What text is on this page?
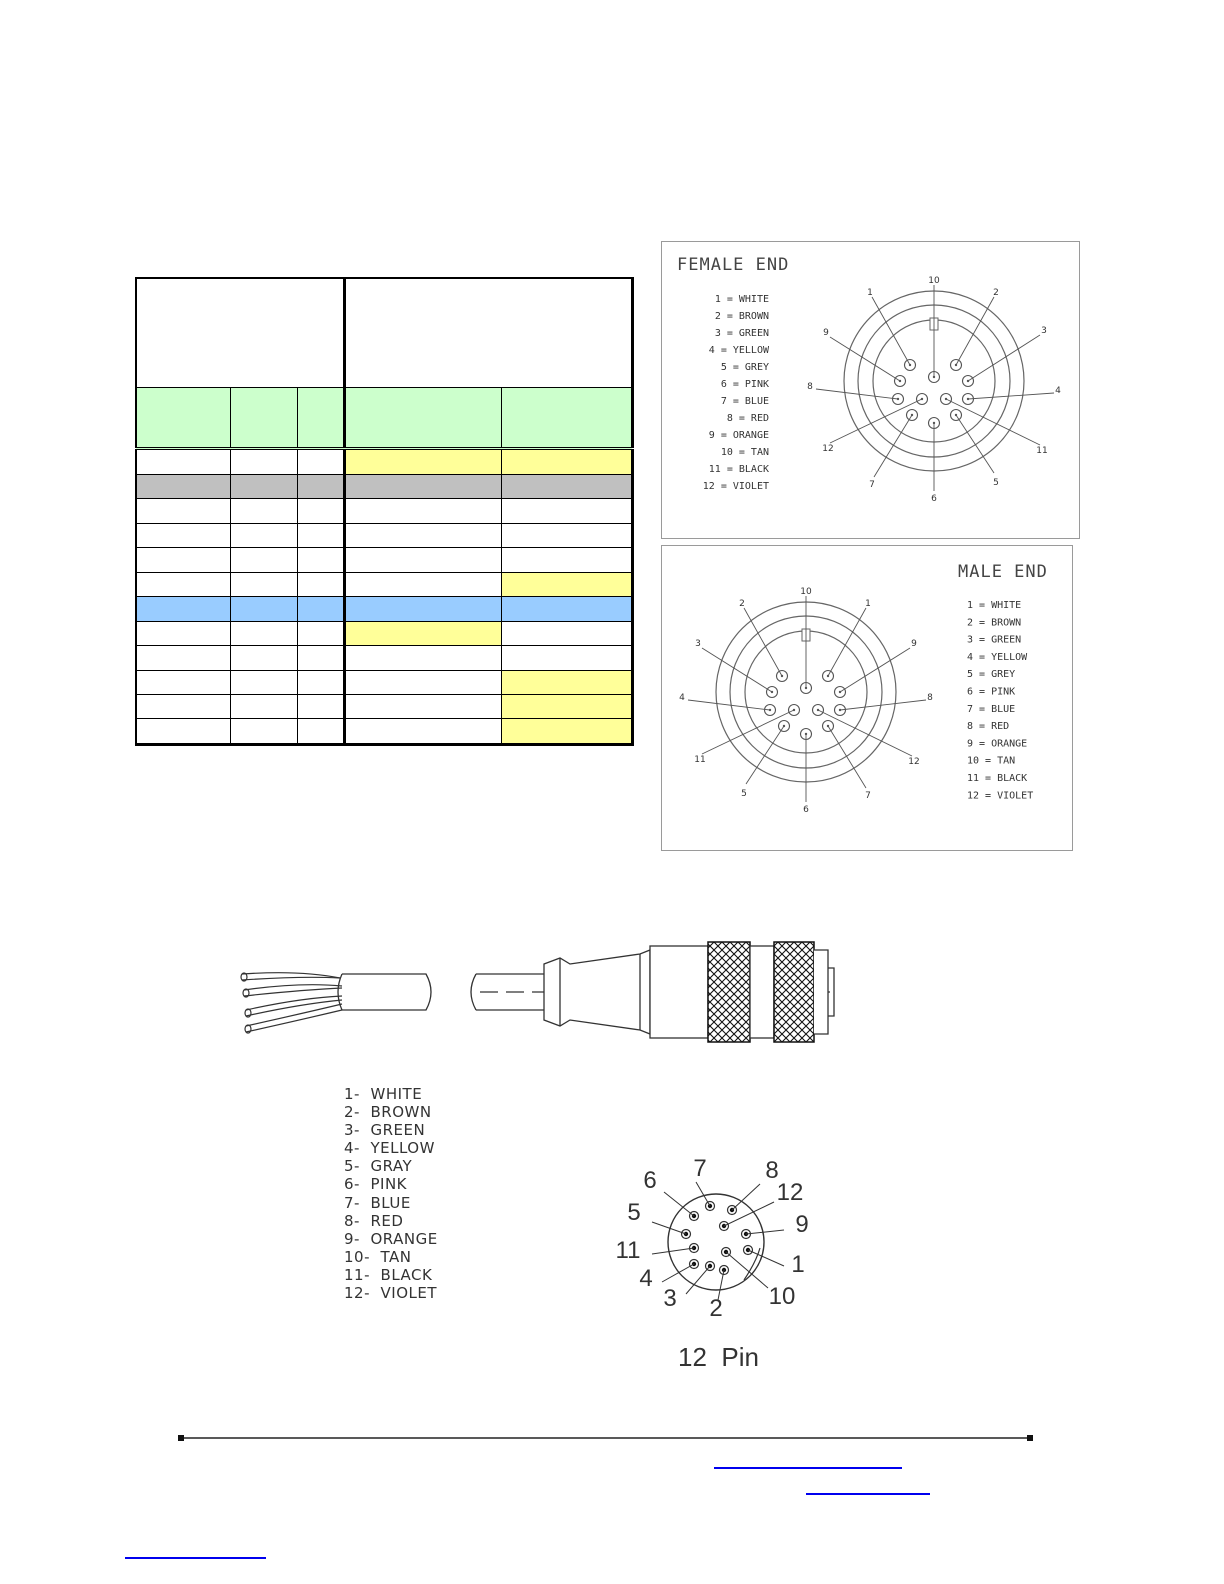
FEMALE END
1 = WHITE
2 = BROWN
3 = GREEN
4 = YELLOW
5 = GREY
6 = PINK
7 = BLUE
8 = RED
9 = ORANGE
10 = TAN
11 = BLACK
12 = VIOLET
1	2
3
4
5
6
7
8
9
10
11
12
MALE END
1 = WHITE
2 = BROWN
3 = GREEN
4 = YELLOW
5 = GREY
6 = PINK
7 = BLUE
8 = RED
9 = ORANGE
10 = TAN
11 = BLACK
12 = VIOLET
1
2
3
4
5
6
7
8
9
10
11	12
1-  WHITE
2-  BROWN
3-  GREEN
4-  YELLOW
5-  GRAY
6-  PINK
7-  BLUE
8-  RED
9-  ORANGE
10-  TAN
11-  BLACK
12-  VIOLET
7 8
6	12
5	9
11
1
4
10
3 2
12  Pin
